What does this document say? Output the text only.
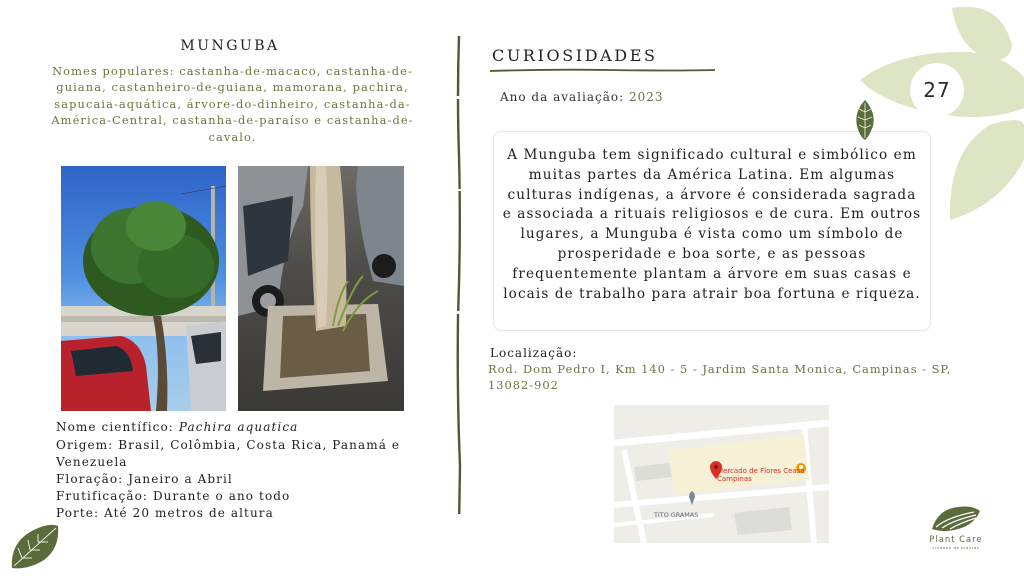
MUNGUBA
Nomes populares: castanha-de-macaco, castanha-de-guiana, castanheiro-de-guiana, mamorana, pachira, sapucaia-aquática, árvore-do-dinheiro, castanha-da-América-Central, castanha-de-paraíso e castanha-de-cavalo.
Nome científico: Pachira aquatica
Origem: Brasil, Colômbia, Costa Rica, Panamá e Venezuela
Floração: Janeiro a Abril
Frutificação: Durante o ano todo
Porte: Até 20 metros de altura
CURIOSIDADES
Ano da avaliação: 2023
A Munguba tem significado cultural e simbólico em muitas partes da América Latina. Em algumas culturas indígenas, a árvore é considerada sagrada e associada a rituais religiosos e de cura. Em outros lugares, a Munguba é vista como um símbolo de prosperidade e boa sorte, e as pessoas frequentemente plantam a árvore em suas casas e locais de trabalho para atrair boa fortuna e riqueza.
Localização:
Rod. Dom Pedro I, Km 140 - 5 - Jardim Santa Monica, Campinas - SP, 13082-902
Mercado de Flores Ceasa Campinas
TITO GRAMAS
27
Plant Care
cuidado de plantas
